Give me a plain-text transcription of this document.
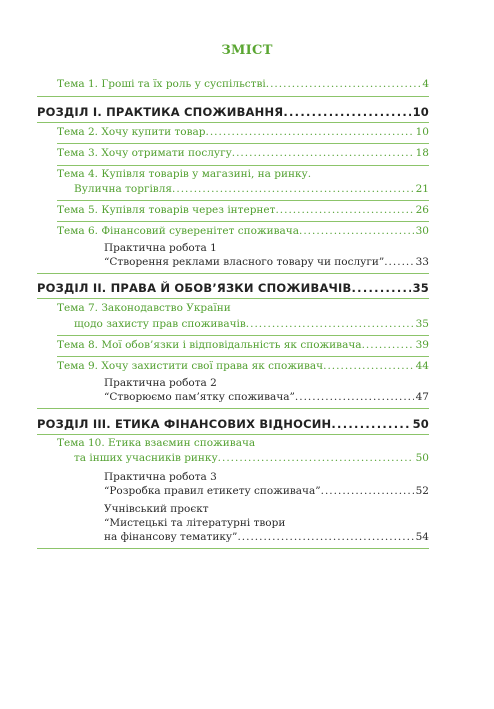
ЗМІСТ
Тема 1. Гроші та їх роль у суспільстві .....	4
РОЗДІЛ І. ПРАКТИКА СПОЖИВАННЯ .....	10
Тема 2. Хочу купити товар .....	10
Тема 3. Хочу отримати послугу .....	18
Тема 4. Купівля товарів у магазині, на ринку.
Вулична торгівля .....	21
Тема 5. Купівля товарів через інтернет .....	26
Тема 6. Фінансовий суверенітет споживача .....	30
Практична робота 1
“Створення реклами власного товару чи послуги” .....	33
РОЗДІЛ ІІ. ПРАВА Й ОБОВ’ЯЗКИ СПОЖИВАЧІВ .....	35
Тема 7. Законодавство України
щодо захисту прав споживачів .....	35
Тема 8. Мої обов’язки і відповідальність як споживача .....	39
Тема 9. Хочу захистити свої права як споживач .....	44
Практична робота 2
“Створюємо пам’ятку споживача” .....	47
РОЗДІЛ ІІІ. ЕТИКА ФІНАНСОВИХ ВІДНОСИН .....	50
Тема 10. Етика взаємин споживача
та інших учасників ринку .....	50
Практична робота 3
“Розробка правил етикету споживача” .....	52
Учнівський проєкт
“Мистецькі та літературні твори
на фінансову тематику” .....	54
